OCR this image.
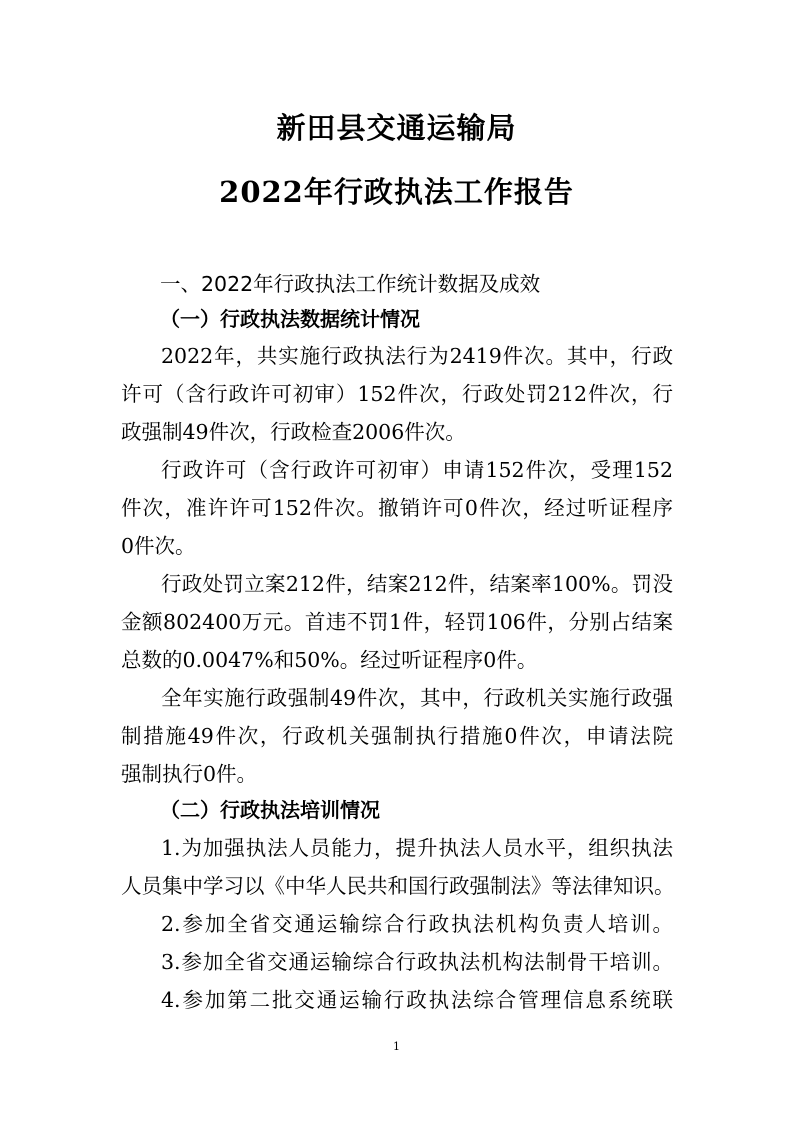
新田县交通运输局
2022年行政执法工作报告
一、2022年行政执法工作统计数据及成效
（一）行政执法数据统计情况
2022年，共实施行政执法行为2419件次。其中，行政
许可（含行政许可初审）152件次，行政处罚212件次，行
政强制49件次，行政检查2006件次。
行政许可（含行政许可初审）申请152件次，受理152
件次，准许许可152件次。撤销许可0件次，经过听证程序
0件次。
行政处罚立案212件，结案212件，结案率100%。罚没
金额802400万元。首违不罚1件，轻罚106件，分别占结案
总数的0.0047%和50%。经过听证程序0件。
全年实施行政强制49件次，其中，行政机关实施行政强
制措施49件次，行政机关强制执行措施0件次，申请法院
强制执行0件。
（二）行政执法培训情况
1.为加强执法人员能力，提升执法人员水平，组织执法
人员集中学习以《中华人民共和国行政强制法》等法律知识。
2.参加全省交通运输综合行政执法机构负责人培训。
3.参加全省交通运输综合行政执法机构法制骨干培训。
4.参加第二批交通运输行政执法综合管理信息系统联
1
